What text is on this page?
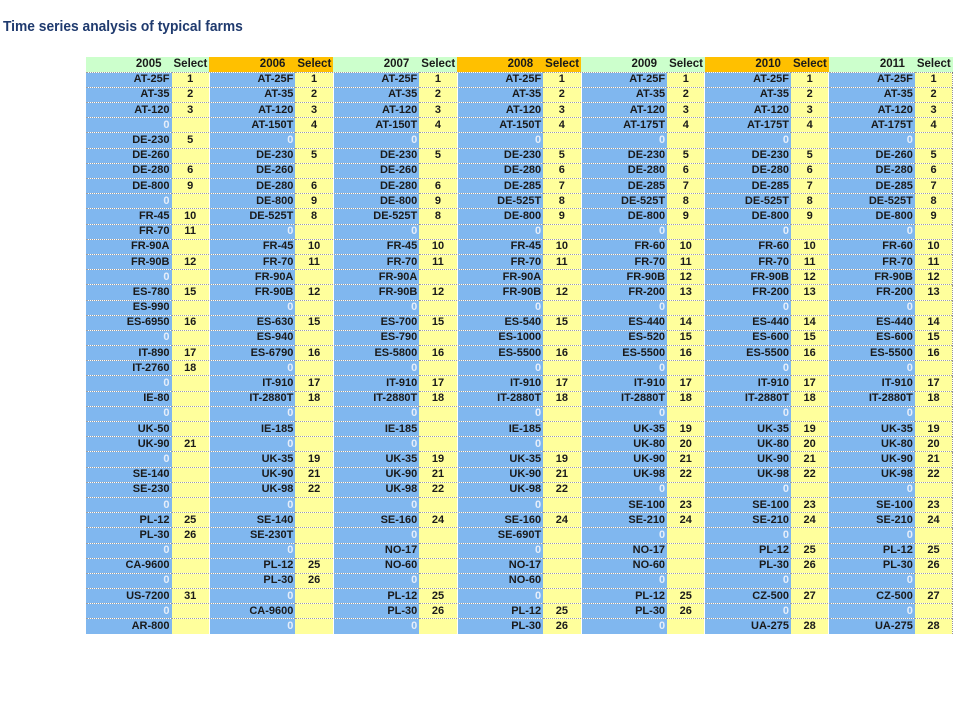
Time series analysis of typical farms
2005	Select	2006	Select	2007	Select	2008	Select	2009	Select	2010	Select	2011	Select
AT-25F	1	AT-25F	1	AT-25F	1	AT-25F	1	AT-25F	1	AT-25F	1	AT-25F	1
AT-35	2	AT-35	2	AT-35	2	AT-35	2	AT-35	2	AT-35	2	AT-35	2
AT-120	3	AT-120	3	AT-120	3	AT-120	3	AT-120	3	AT-120	3	AT-120	3
0		AT-150T	4	AT-150T	4	AT-150T	4	AT-175T	4	AT-175T	4	AT-175T	4
DE-230	5	0		0		0		0		0		0	
DE-260		DE-230	5	DE-230	5	DE-230	5	DE-230	5	DE-230	5	DE-260	5
DE-280	6	DE-260		DE-260		DE-280	6	DE-280	6	DE-280	6	DE-280	6
DE-800	9	DE-280	6	DE-280	6	DE-285	7	DE-285	7	DE-285	7	DE-285	7
0		DE-800	9	DE-800	9	DE-525T	8	DE-525T	8	DE-525T	8	DE-525T	8
FR-45	10	DE-525T	8	DE-525T	8	DE-800	9	DE-800	9	DE-800	9	DE-800	9
FR-70	11	0		0		0		0		0		0	
FR-90A		FR-45	10	FR-45	10	FR-45	10	FR-60	10	FR-60	10	FR-60	10
FR-90B	12	FR-70	11	FR-70	11	FR-70	11	FR-70	11	FR-70	11	FR-70	11
0		FR-90A		FR-90A		FR-90A		FR-90B	12	FR-90B	12	FR-90B	12
ES-780	15	FR-90B	12	FR-90B	12	FR-90B	12	FR-200	13	FR-200	13	FR-200	13
ES-990		0		0		0		0		0		0	
ES-6950	16	ES-630	15	ES-700	15	ES-540	15	ES-440	14	ES-440	14	ES-440	14
0		ES-940		ES-790		ES-1000		ES-520	15	ES-600	15	ES-600	15
IT-890	17	ES-6790	16	ES-5800	16	ES-5500	16	ES-5500	16	ES-5500	16	ES-5500	16
IT-2760	18	0		0		0		0		0		0	
0		IT-910	17	IT-910	17	IT-910	17	IT-910	17	IT-910	17	IT-910	17
IE-80		IT-2880T	18	IT-2880T	18	IT-2880T	18	IT-2880T	18	IT-2880T	18	IT-2880T	18
0		0		0		0		0		0		0	
UK-50		IE-185		IE-185		IE-185		UK-35	19	UK-35	19	UK-35	19
UK-90	21	0		0		0		UK-80	20	UK-80	20	UK-80	20
0		UK-35	19	UK-35	19	UK-35	19	UK-90	21	UK-90	21	UK-90	21
SE-140		UK-90	21	UK-90	21	UK-90	21	UK-98	22	UK-98	22	UK-98	22
SE-230		UK-98	22	UK-98	22	UK-98	22	0		0		0	
0		0		0		0		SE-100	23	SE-100	23	SE-100	23
PL-12	25	SE-140		SE-160	24	SE-160	24	SE-210	24	SE-210	24	SE-210	24
PL-30	26	SE-230T		0		SE-690T		0		0		0	
0		0		NO-17		0		NO-17		PL-12	25	PL-12	25
CA-9600		PL-12	25	NO-60		NO-17		NO-60		PL-30	26	PL-30	26
0		PL-30	26	0		NO-60		0		0		0	
US-7200	31	0		PL-12	25	0		PL-12	25	CZ-500	27	CZ-500	27
0		CA-9600		PL-30	26	PL-12	25	PL-30	26	0		0	
AR-800		0		0		PL-30	26	0		UA-275	28	UA-275	28
